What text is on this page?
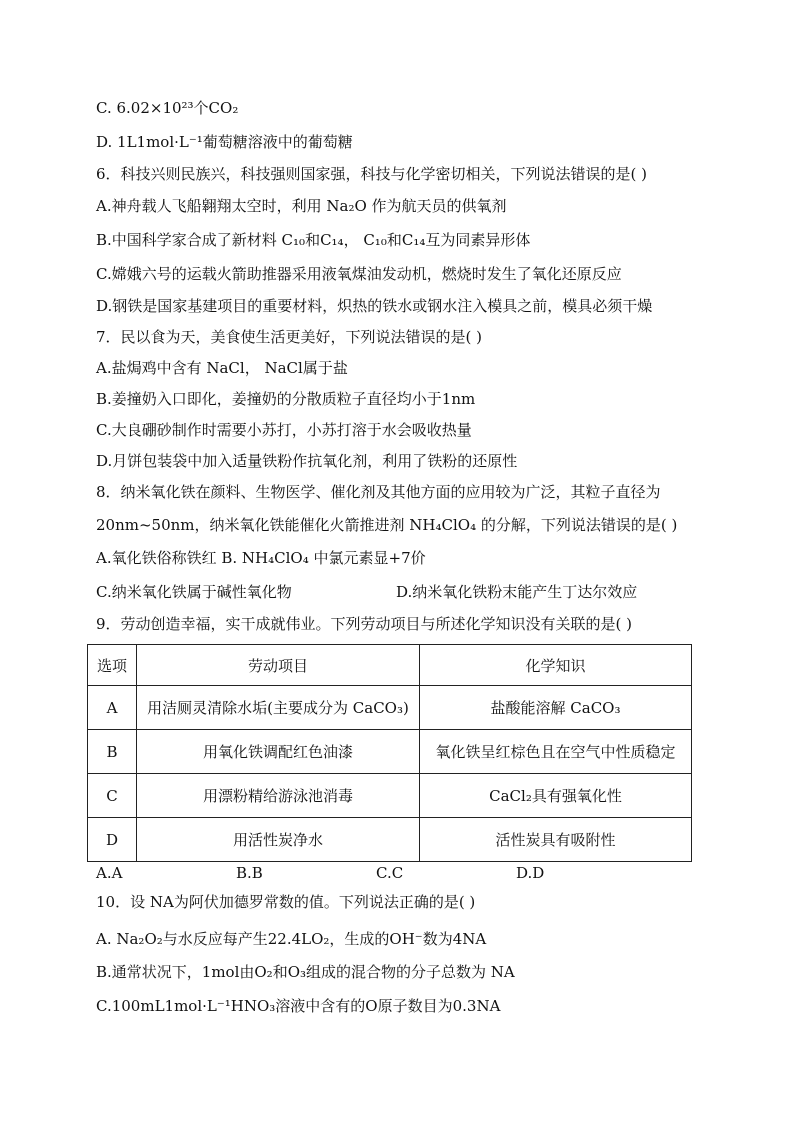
C. 6.02×10²³个CO₂
D. 1L1mol·L⁻¹葡萄糖溶液中的葡萄糖
6．科技兴则民族兴，科技强则国家强，科技与化学密切相关，下列说法错误的是( )
A.神舟载人飞船翱翔太空时，利用 Na₂O 作为航天员的供氧剂
B.中国科学家合成了新材料 C₁₀和C₁₄， C₁₀和C₁₄互为同素异形体
C.嫦娥六号的运载火箭助推器采用液氧煤油发动机，燃烧时发生了氧化还原反应
D.钢铁是国家基建项目的重要材料，炽热的铁水或钢水注入模具之前，模具必须干燥
7．民以食为天，美食使生活更美好，下列说法错误的是( )
A.盐焗鸡中含有 NaCl， NaCl属于盐
B.姜撞奶入口即化，姜撞奶的分散质粒子直径均小于1nm
C.大良硼砂制作时需要小苏打，小苏打溶于水会吸收热量
D.月饼包装袋中加入适量铁粉作抗氧化剂，利用了铁粉的还原性
8．纳米氧化铁在颜料、生物医学、催化剂及其他方面的应用较为广泛，其粒子直径为
20nm~50nm，纳米氧化铁能催化火箭推进剂 NH₄ClO₄ 的分解，下列说法错误的是( )
A.氧化铁俗称铁红 B. NH₄ClO₄ 中氯元素显+7价
C.纳米氧化铁属于碱性氧化物	D.纳米氧化铁粉末能产生丁达尔效应
9．劳动创造幸福，实干成就伟业。下列劳动项目与所述化学知识没有关联的是( )
选项	劳动项目	化学知识
A	用洁厕灵清除水垢(主要成分为 CaCO₃)	盐酸能溶解 CaCO₃
B	用氧化铁调配红色油漆	氧化铁呈红棕色且在空气中性质稳定
C	用漂粉精给游泳池消毒	CaCl₂具有强氧化性
D	用活性炭净水	活性炭具有吸附性
A.A	B.B	C.C	D.D
10．设 NA为阿伏加德罗常数的值。下列说法正确的是( )
A. Na₂O₂与水反应每产生22.4LO₂，生成的OH⁻数为4NA
B.通常状况下，1mol由O₂和O₃组成的混合物的分子总数为 NA
C.100mL1mol·L⁻¹HNO₃溶液中含有的O原子数目为0.3NA
